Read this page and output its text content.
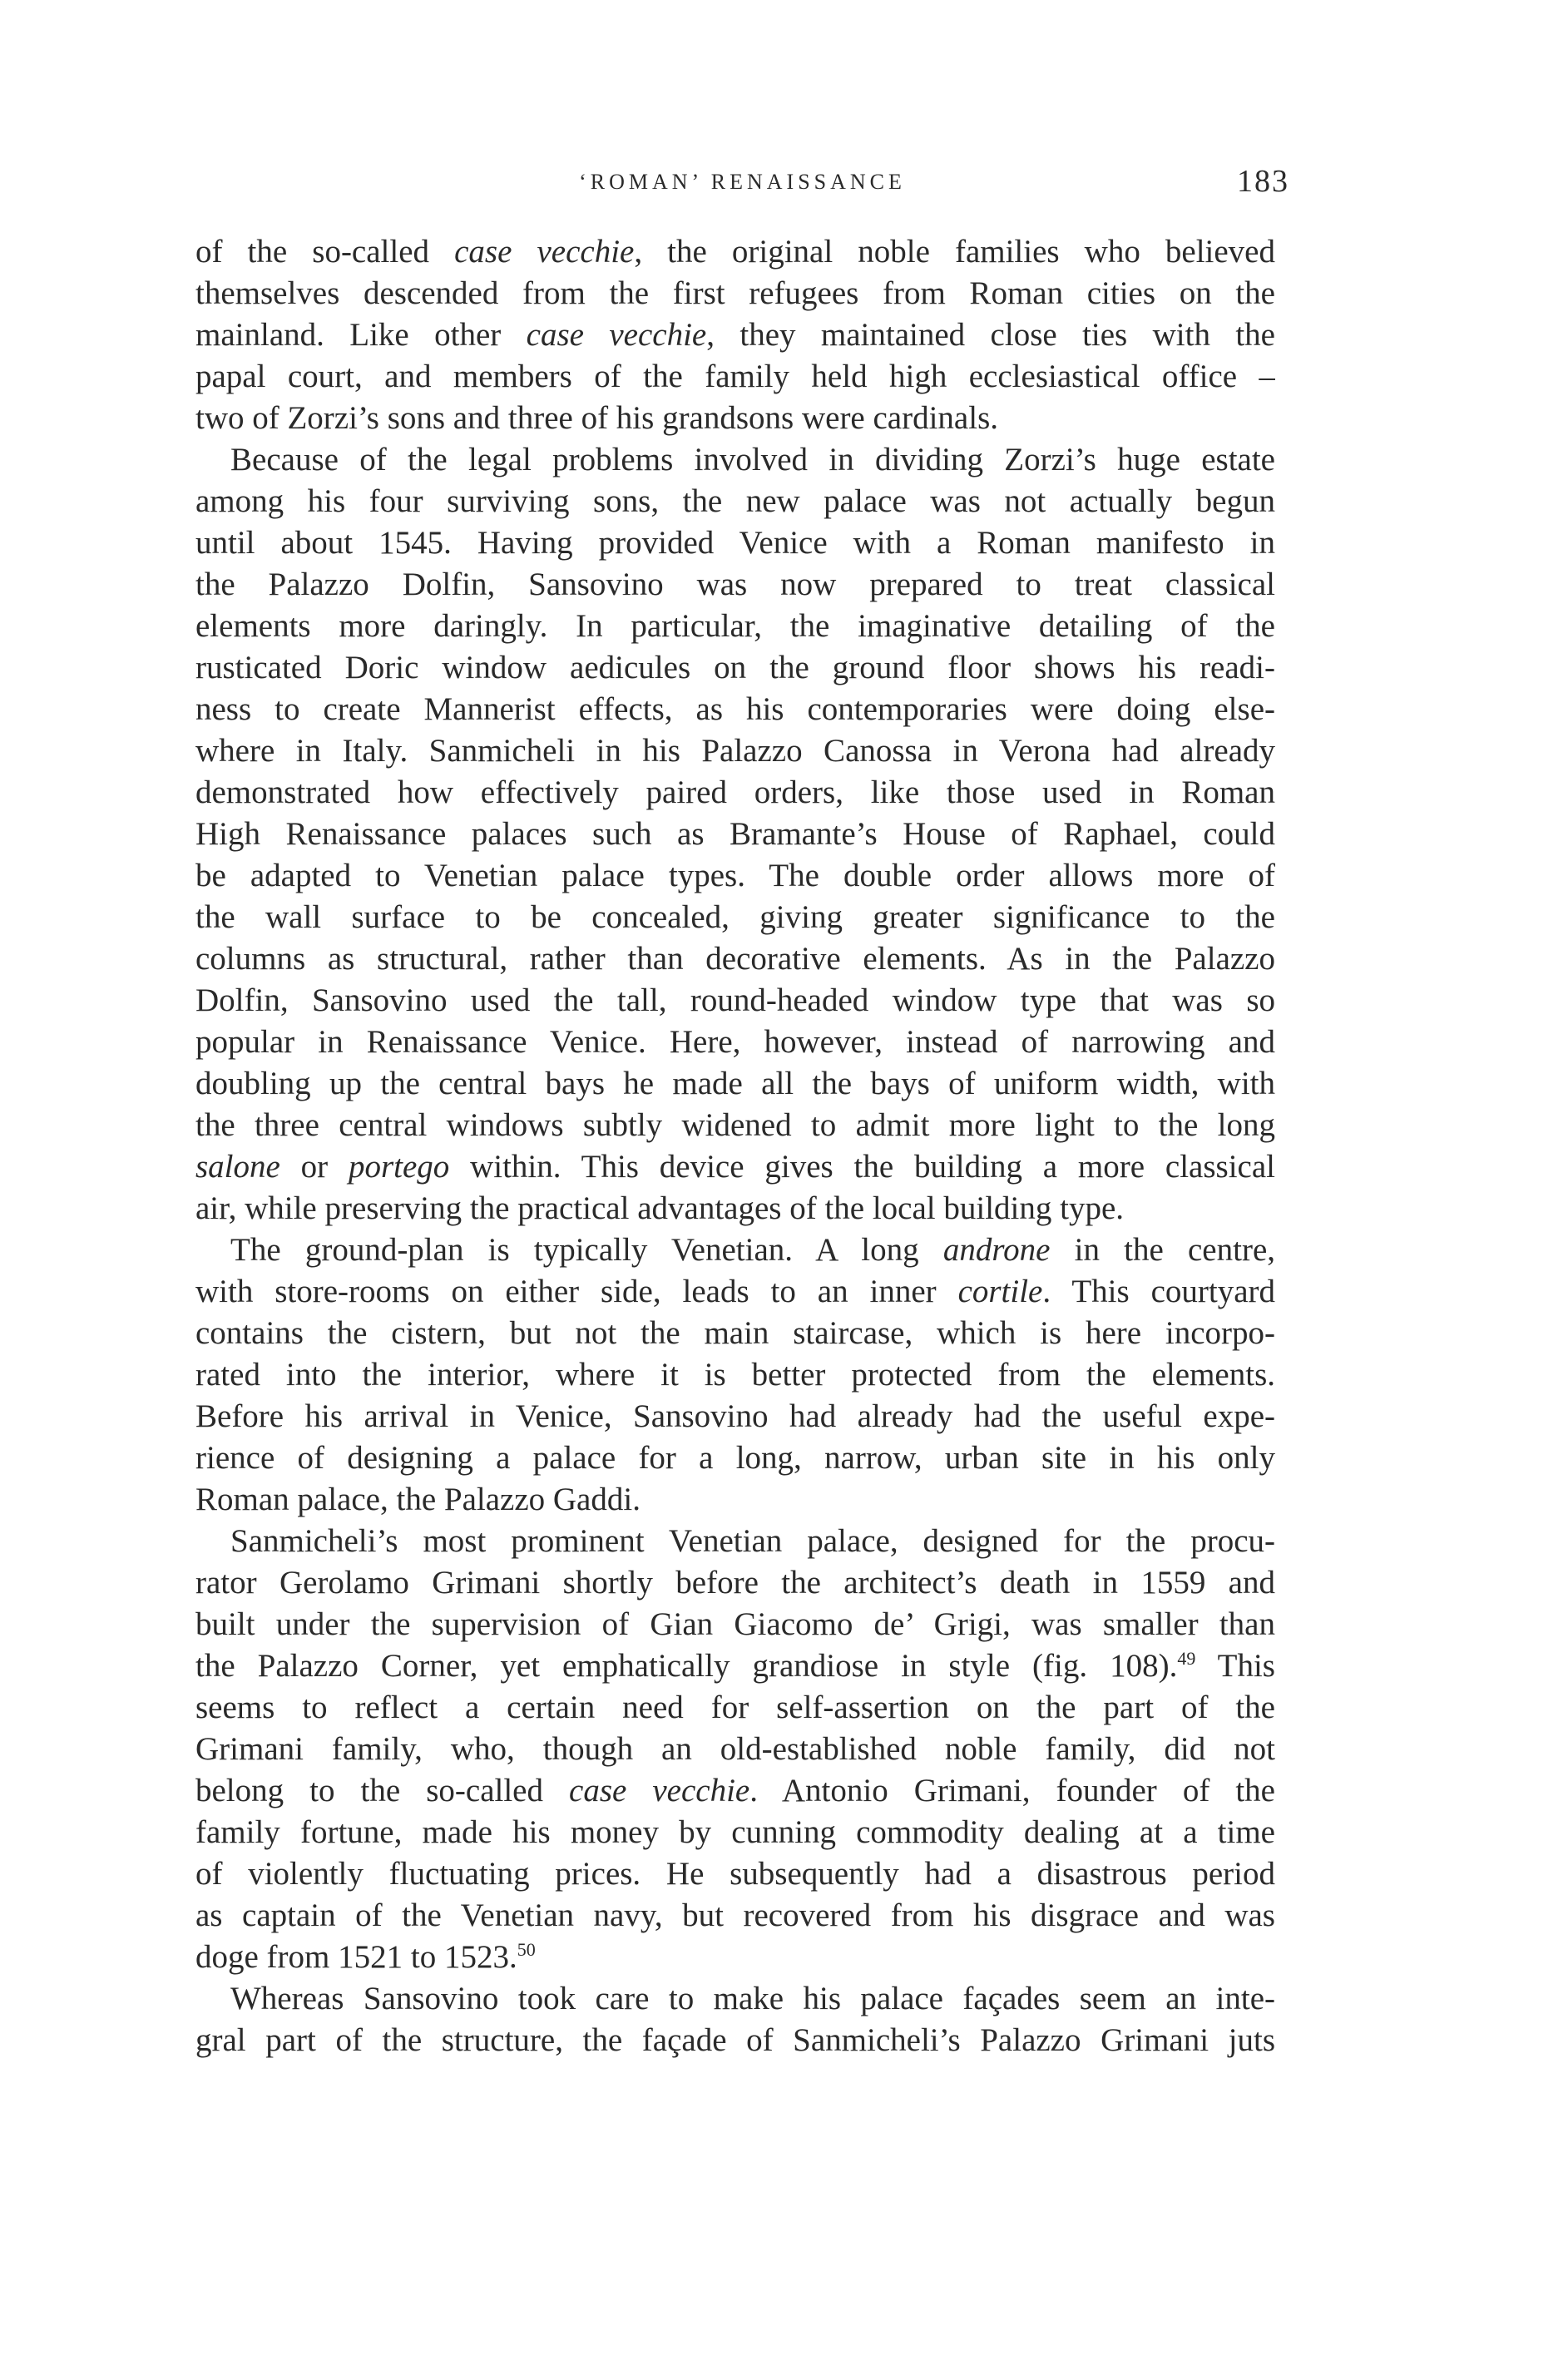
‘ROMAN’ RENAISSANCE	183
of the so-called case vecchie, the original noble families who believed
themselves descended from the first refugees from Roman cities on the
mainland. Like other case vecchie, they maintained close ties with the
papal court, and members of the family held high ecclesiastical office –
two of Zorzi’s sons and three of his grandsons were cardinals.
Because of the legal problems involved in dividing Zorzi’s huge estate
among his four surviving sons, the new palace was not actually begun
until about 1545. Having provided Venice with a Roman manifesto in
the Palazzo Dolfin, Sansovino was now prepared to treat classical
elements more daringly. In particular, the imaginative detailing of the
rusticated Doric window aedicules on the ground floor shows his readi-
ness to create Mannerist effects, as his contemporaries were doing else-
where in Italy. Sanmicheli in his Palazzo Canossa in Verona had already
demonstrated how effectively paired orders, like those used in Roman
High Renaissance palaces such as Bramante’s House of Raphael, could
be adapted to Venetian palace types. The double order allows more of
the wall surface to be concealed, giving greater significance to the
columns as structural, rather than decorative elements. As in the Palazzo
Dolfin, Sansovino used the tall, round-headed window type that was so
popular in Renaissance Venice. Here, however, instead of narrowing and
doubling up the central bays he made all the bays of uniform width, with
the three central windows subtly widened to admit more light to the long
salone or portego within. This device gives the building a more classical
air, while preserving the practical advantages of the local building type.
The ground-plan is typically Venetian. A long androne in the centre,
with store-rooms on either side, leads to an inner cortile. This courtyard
contains the cistern, but not the main staircase, which is here incorpo-
rated into the interior, where it is better protected from the elements.
Before his arrival in Venice, Sansovino had already had the useful expe-
rience of designing a palace for a long, narrow, urban site in his only
Roman palace, the Palazzo Gaddi.
Sanmicheli’s most prominent Venetian palace, designed for the procu-
rator Gerolamo Grimani shortly before the architect’s death in 1559 and
built under the supervision of Gian Giacomo de’ Grigi, was smaller than
the Palazzo Corner, yet emphatically grandiose in style (fig. 108).$^{49}$ This
seems to reflect a certain need for self-assertion on the part of the
Grimani family, who, though an old-established noble family, did not
belong to the so-called case vecchie. Antonio Grimani, founder of the
family fortune, made his money by cunning commodity dealing at a time
of violently fluctuating prices. He subsequently had a disastrous period
as captain of the Venetian navy, but recovered from his disgrace and was
doge from 1521 to 1523.50
Whereas Sansovino took care to make his palace façades seem an inte-
gral part of the structure, the façade of Sanmicheli’s Palazzo Grimani juts
